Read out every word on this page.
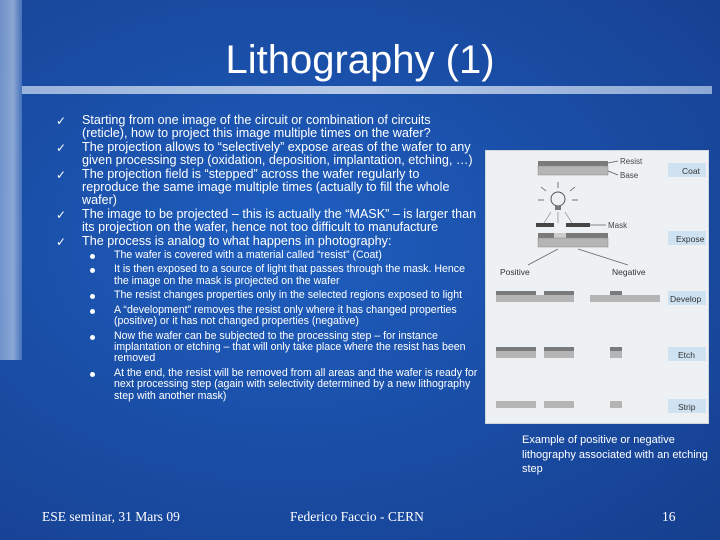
Lithography (1)
✓ Starting from one image of the circuit or combination of circuits (reticle), how to project this image multiple times on the wafer?
✓ The projection allows to “selectively” expose areas of the wafer to any given processing step (oxidation, deposition, implantation, etching, …)
✓ The projection field is “stepped” across the wafer regularly to reproduce the same image multiple times (actually to fill the whole wafer)
✓ The image to be projected – this is actually the “MASK” – is larger than its projection on the wafer, hence not too difficult to manufacture
✓ The process is analog to what happens in photography:
The wafer is covered with a material called “resist” (Coat)
It is then exposed to a source of light that passes through the mask. Hence the image on the mask is projected on the wafer
The resist changes properties only in the selected regions exposed to light
A “development” removes the resist only where it has changed properties (positive) or it has not changed properties (negative)
Now the wafer can be subjected to the processing step – for instance implantation or etching – that will only take place where the resist has been removed
At the end, the resist will be removed from all areas and the wafer is ready for next processing step (again with selectivity determined by a new lithography step with another mask)
Resist
Base	Coat
Mask
Expose
Positive	Negative
Develop
Etch
Strip
Example of positive or negative lithography associated with an etching step
ESE seminar, 31 Mars 09	Federico Faccio - CERN	16
